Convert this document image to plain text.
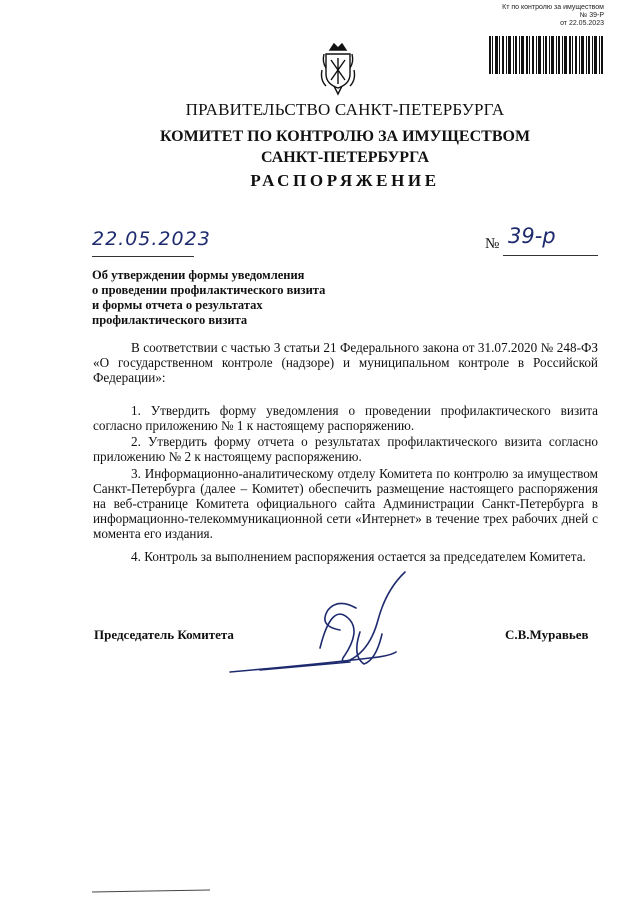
Кт по контролю за имуществом
№ 39-Р
от 22.05.2023
ПРАВИТЕЛЬСТВО САНКТ-ПЕТЕРБУРГА
КОМИТЕТ ПО КОНТРОЛЮ ЗА ИМУЩЕСТВОМ
САНКТ-ПЕТЕРБУРГА
РАСПОРЯЖЕНИЕ
22.05.2023	№ 39-р
Об утверждении формы уведомления
о проведении профилактического визита
и формы отчета о результатах
профилактического визита
В соответствии с частью 3 статьи 21 Федерального закона от 31.07.2020 № 248-ФЗ «О государственном контроле (надзоре) и муниципальном контроле в Российской Федерации»:
1. Утвердить форму уведомления о проведении профилактического визита согласно приложению № 1 к настоящему распоряжению.
2. Утвердить форму отчета о результатах профилактического визита согласно приложению № 2 к настоящему распоряжению.
3. Информационно-аналитическому отделу Комитета по контролю за имуществом Санкт-Петербурга (далее – Комитет) обеспечить размещение настоящего распоряжения на веб-странице Комитета официального сайта Администрации Санкт-Петербурга в информационно-телекоммуникационной сети «Интернет» в течение трех рабочих дней с момента его издания.
4. Контроль за выполнением распоряжения остается за председателем Комитета.
Председатель Комитета	С.В.Муравьев
